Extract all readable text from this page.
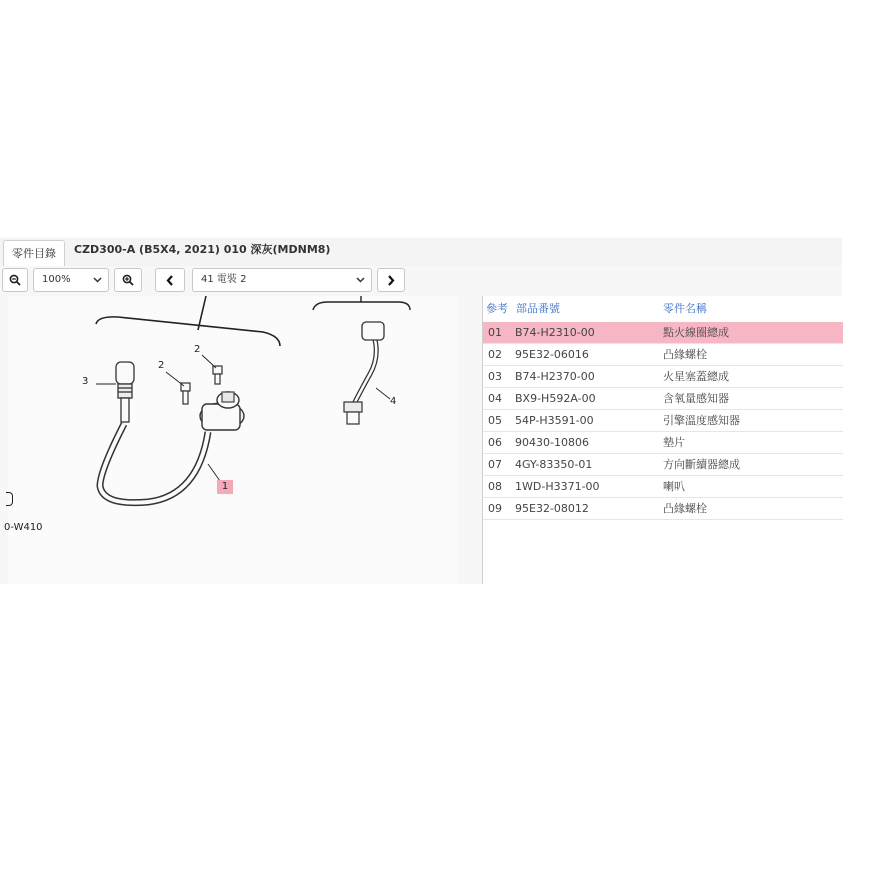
零件目錄	CZD300-A (B5X4, 2021) 010 深灰(MDNM8)
100%	41 電裝 2
3
2
2
4
1
0-W410
參考 部品番號	零件名稱
01 B74-H2310-00	點火線圈總成
02 95E32-06016	凸緣螺栓
03 B74-H2370-00	火星塞蓋總成
04 BX9-H592A-00	含氧量感知器
05 54P-H3591-00	引擎溫度感知器
06 90430-10806	墊片
07 4GY-83350-01	方向斷續器總成
08 1WD-H3371-00	喇叭
09 95E32-08012	凸緣螺栓
